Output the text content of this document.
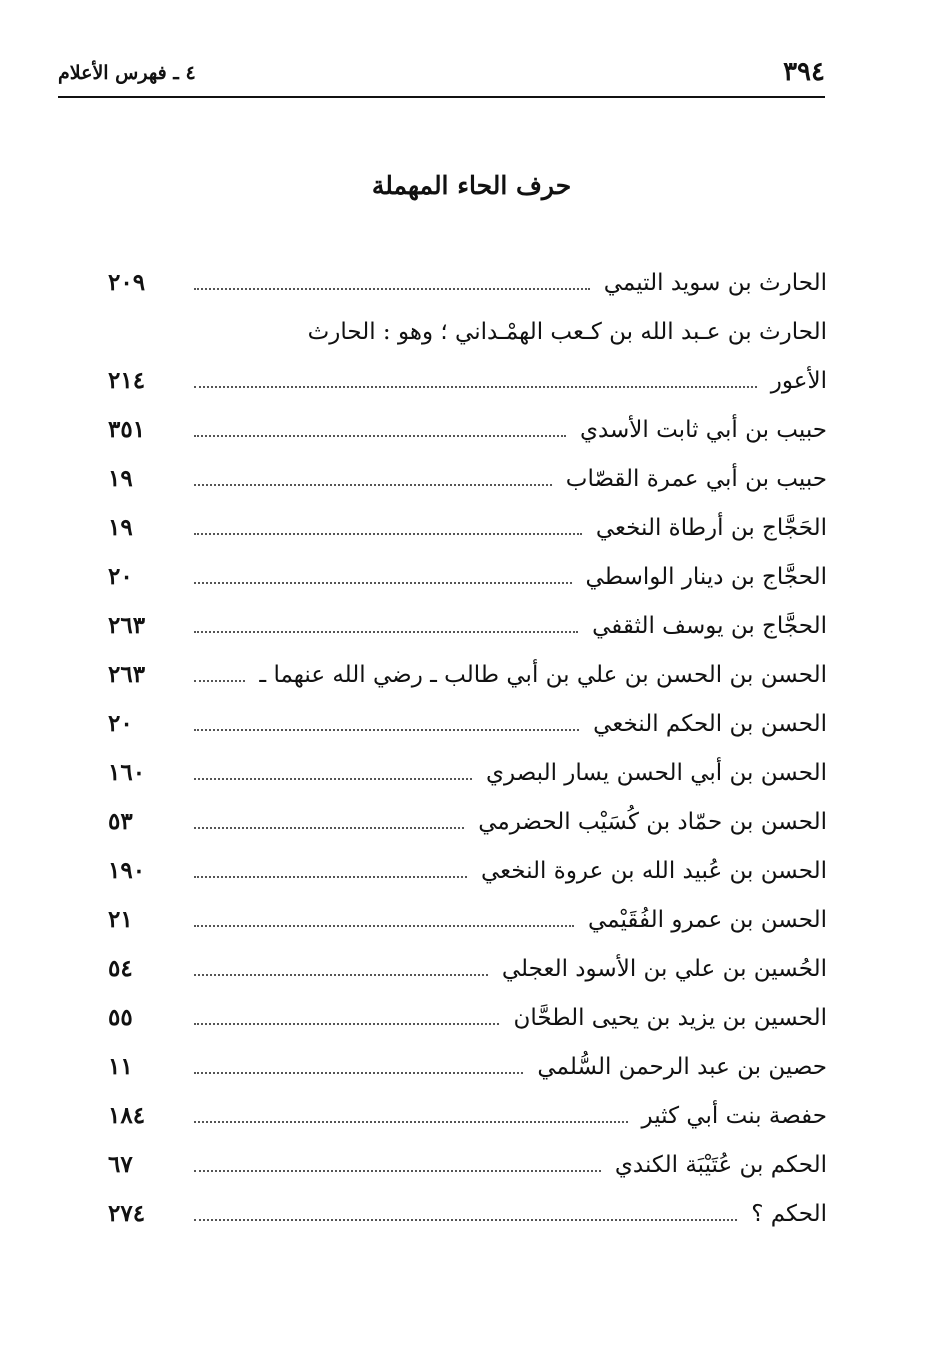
٣٩٤
٤ ـ فهرس الأعلام
حرف الحاء المهملة
الحارث بن سويد التيمي
٢٠٩
الحارث بن عـبد الله بن كـعب الهمْـداني ؛ وهو : الحارث
الأعور
٢١٤
حبيب بن أبي ثابت الأسدي
٣٥١
حبيب بن أبي عمرة القصّاب
١٩
الحَجَّاج بن أرطاة النخعي
١٩
الحجَّاج بن دينار الواسطي
٢٠
الحجَّاج بن يوسف الثقفي
٢٦٣
الحسن بن الحسن بن علي بن أبي طالب ـ رضي الله عنهما ـ
٢٦٣
الحسن بن الحكم النخعي
٢٠
الحسن بن أبي الحسن يسار البصري
١٦٠
الحسن بن حمّاد بن كُسَيْب الحضرمي
٥٣
الحسن بن عُبيد الله بن عروة النخعي
١٩٠
الحسن بن عمرو الفُقَيْمي
٢١
الحُسين بن علي بن الأسود العجلي
٥٤
الحسين بن يزيد بن يحيى الطحَّان
٥٥
حصين بن عبد الرحمن السُّلمي
١١
حفصة بنت أبي كثير
١٨٤
الحكم بن عُتَيْبَة الكندي
٦٧
الحكم ؟
٢٧٤
